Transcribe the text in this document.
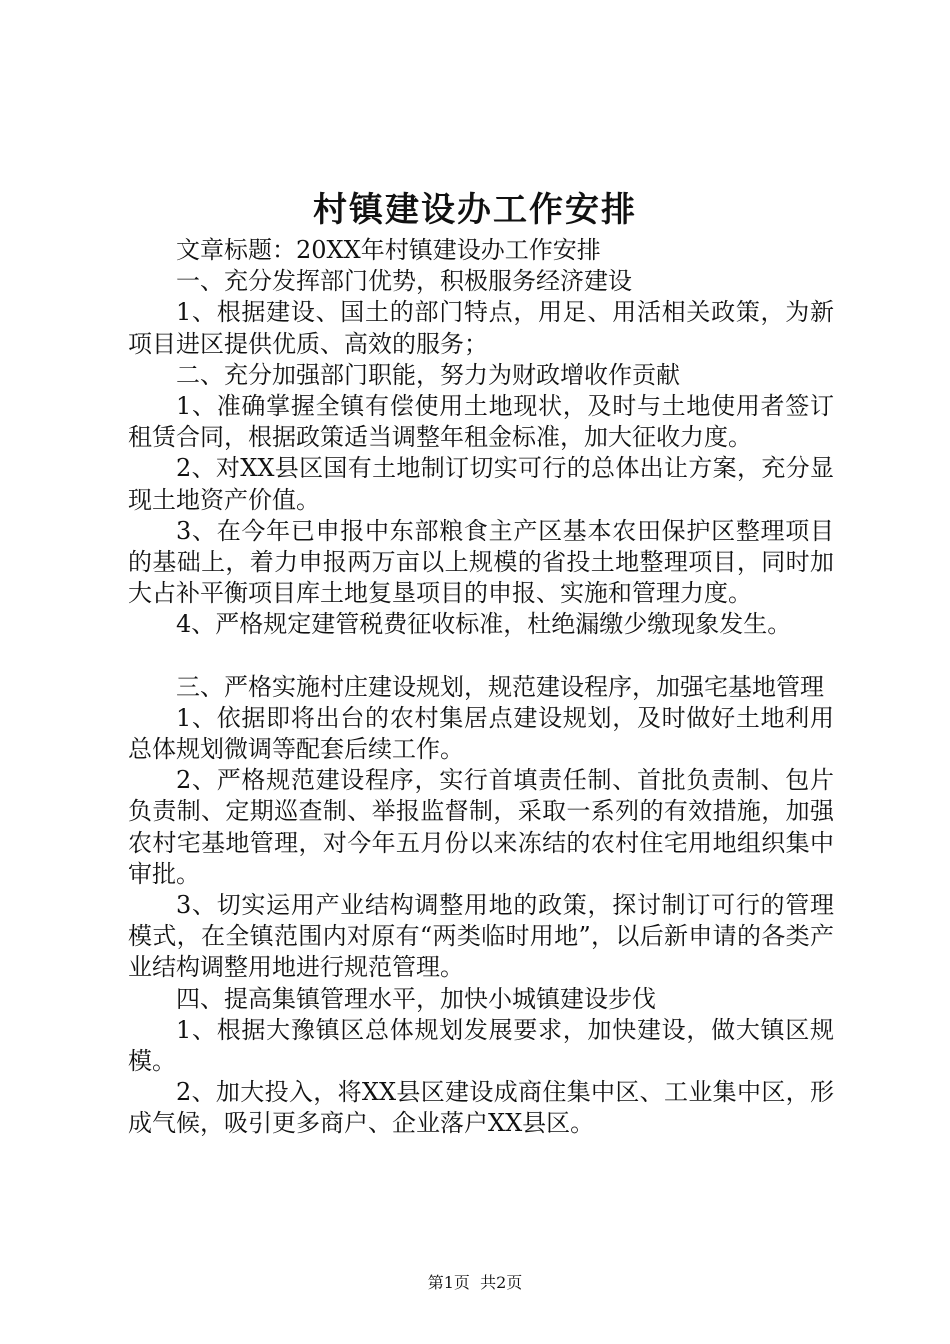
村镇建设办工作安排

文章标题：20XX年村镇建设办工作安排

一、充分发挥部门优势，积极服务经济建设

1、根据建设、国土的部门特点，用足、用活相关政策，为新项目进区提供优质、高效的服务；

二、充分加强部门职能，努力为财政增收作贡献

1、准确掌握全镇有偿使用土地现状，及时与土地使用者签订租赁合同，根据政策适当调整年租金标准，加大征收力度。

2、对XX县区国有土地制订切实可行的总体出让方案，充分显现土地资产价值。

3、在今年已申报中东部粮食主产区基本农田保护区整理项目的基础上，着力申报两万亩以上规模的省投土地整理项目，同时加大占补平衡项目库土地复垦项目的申报、实施和管理力度。

4、严格规定建管税费征收标准，杜绝漏缴少缴现象发生。

三、严格实施村庄建设规划，规范建设程序，加强宅基地管理

1、依据即将出台的农村集居点建设规划，及时做好土地利用总体规划微调等配套后续工作。

2、严格规范建设程序，实行首填责任制、首批负责制、包片负责制、定期巡查制、举报监督制，采取一系列的有效措施，加强农村宅基地管理，对今年五月份以来冻结的农村住宅用地组织集中审批。

3、切实运用产业结构调整用地的政策，探讨制订可行的管理模式，在全镇范围内对原有“两类临时用地”，以后新申请的各类产业结构调整用地进行规范管理。

四、提高集镇管理水平，加快小城镇建设步伐

1、根据大豫镇区总体规划发展要求，加快建设，做大镇区规模。

2、加大投入，将XX县区建设成商住集中区、工业集中区，形成气候，吸引更多商户、企业落户XX县区。

第1页 共2页
